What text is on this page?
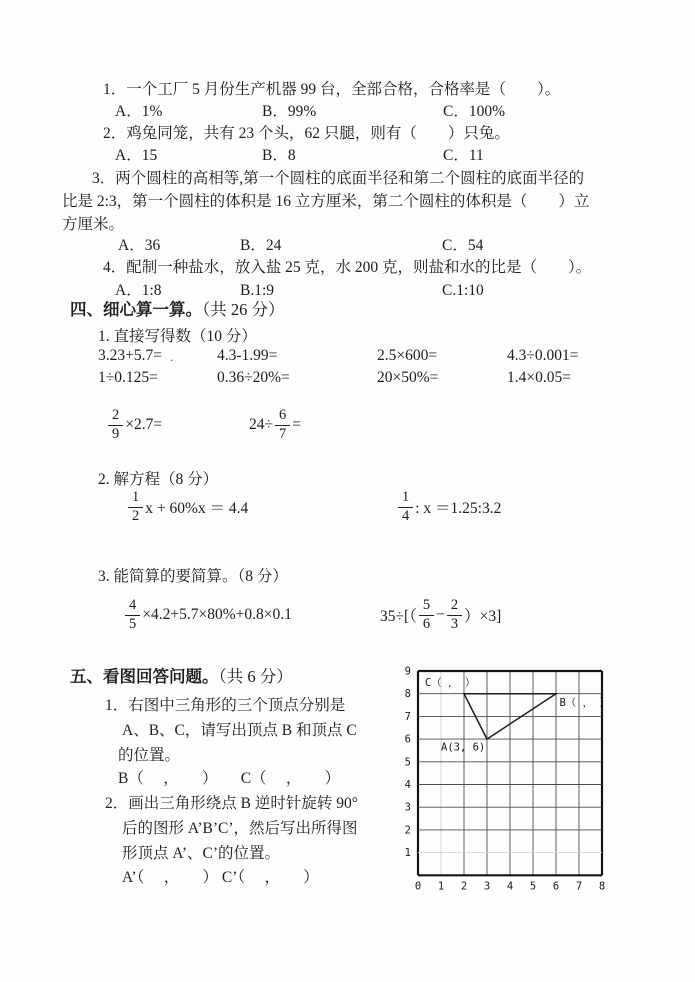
1．一个工厂 5 月份生产机器 99 台，全部合格，合格率是（　　）。
A．1%	B．99%	C．100%
2．鸡兔同笼，共有 23 个头，62 只腿，则有（　　）只兔。
A．15	B．8	C．11
3．两个圆柱的高相等,第一个圆柱的底面半径和第二个圆柱的底面半径的
比是 2:3，第一个圆柱的体积是 16 立方厘米，第二个圆柱的体积是（　　）立
方厘米。
A．36	B．24	C．54
4．配制一种盐水，放入盐 25 克，水 200 克，则盐和水的比是（　　）。
A．1:8	B.1:9	C.1:10
四、细心算一算。（共 26 分）
1. 直接写得数（10 分）
3.23+5.7=	4.3-1.99=	2.5×600=	4.3÷0.001=
.
1÷0.125=	0.36÷20%=	20×50%=	1.4×0.05=
$\frac{2}{9} \times 2.7=$	$24\div \frac{6}{7}$ =
2. 解方程（8 分）
$\frac{1}{2}$ x + 60%x ＝ 4.4	$\frac{1}{4}$ : x ＝1.25:3.2
3. 能简算的要简算。（8 分）
$\frac{4}{5} \times 4.2+5.7\times 80\%+0.8\times 0.1$	$35\div[( \frac{5}{6} - \frac{2}{3} )\times 3]$
五、看图回答问题。（共 6 分）
1．右图中三角形的三个顶点分别是
A、B、C，请写出顶点 B 和顶点 C
的位置。
B（　 ，　　）　　C（　 ，　　）
2．画出三角形绕点 B 逆时针旋转 90°
后的图形 A’B’C’，然后写出所得图
形顶点 A’、C’的位置。
A’（　 ，　　） C’（　 ，　　）
0 1 2 3 4 5 6 7 8
1
2
3
4
5
6
7
8
9
A(3, 6)
B（ ， ）
C（ ， ）
